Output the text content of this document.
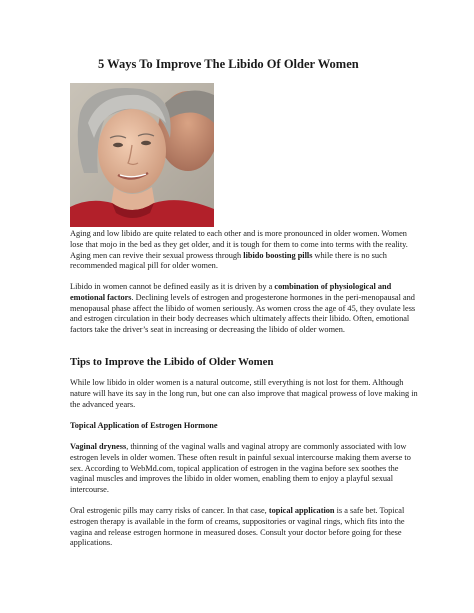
5 Ways To Improve The Libido Of Older Women

Aging and low libido are quite related to each other and is more pronounced in older women. Women lose that mojo in the bed as they get older, and it is tough for them to come into terms with the reality. Aging men can revive their sexual prowess through libido boosting pills while there is no such recommended magical pill for older women.

Libido in women cannot be defined easily as it is driven by a combination of physiological and emotional factors. Declining levels of estrogen and progesterone hormones in the peri-menopausal and menopausal phase affect the libido of women seriously. As women cross the age of 45, they ovulate less and estrogen circulation in their body decreases which ultimately affects their libido. Often, emotional factors take the driver’s seat in increasing or decreasing the libido of older women.

Tips to Improve the Libido of Older Women

While low libido in older women is a natural outcome, still everything is not lost for them. Although nature will have its say in the long run, but one can also improve that magical prowess of love making in the advanced years.

Topical Application of Estrogen Hormone

Vaginal dryness, thinning of the vaginal walls and vaginal atropy are commonly associated with low estrogen levels in older women. These often result in painful sexual intercourse making them averse to sex. According to WebMd.com, topical application of estrogen in the vagina before sex soothes the vaginal muscles and improves the libido in older women, enabling them to enjoy a playful sexual intercourse.

Oral estrogenic pills may carry risks of cancer. In that case, topical application is a safe bet. Topical estrogen therapy is available in the form of creams, suppositories or vaginal rings, which fits into the vagina and release estrogen hormone in measured doses. Consult your doctor before going for these applications.
